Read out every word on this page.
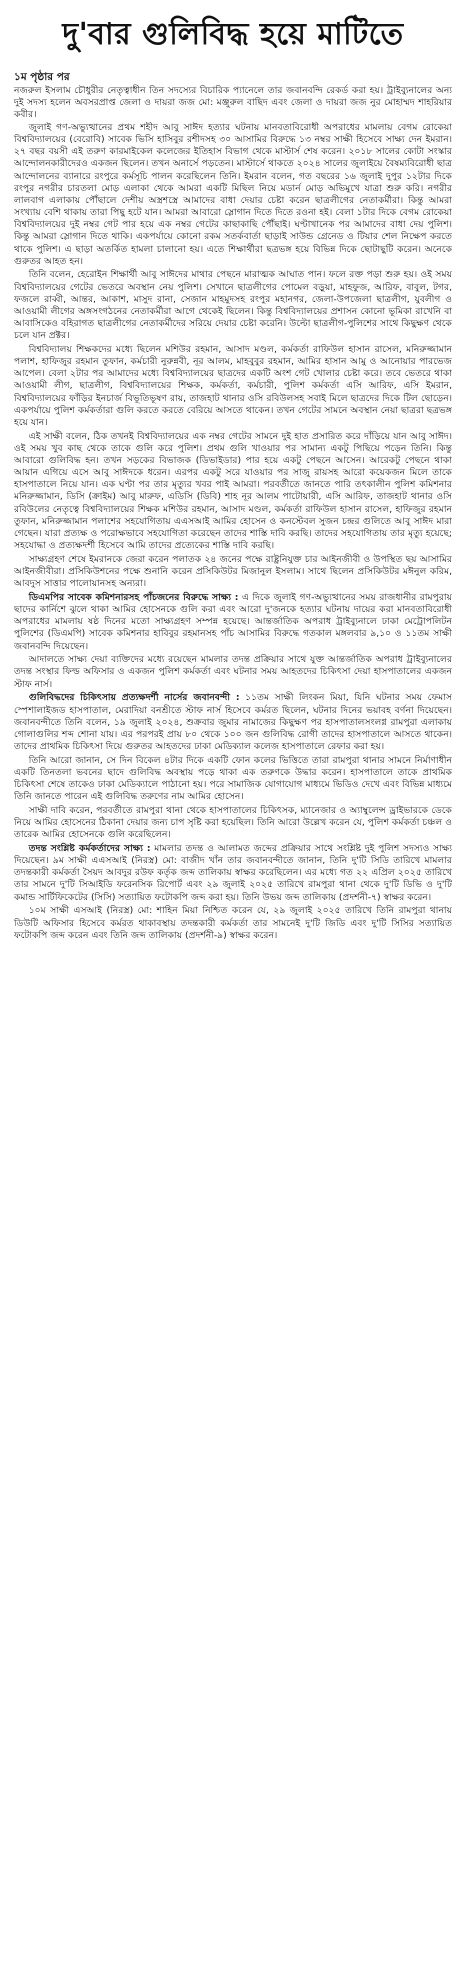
দু'বার গুলিবিদ্ধ হয়ে মাটিতে
১ম পৃষ্ঠার পর
নজরুল ইসলাম চৌধুরীর নেতৃত্বাধীন তিন সদস্যের বিচারিক প্যানেলে তার জবানবন্দি রেকর্ড করা হয়। ট্রাইব্যুনালের অন্য দুই সদস্য হলেন অবসরপ্রাপ্ত জেলা ও দায়রা জজ মো: মঞ্জুরুল বাছিদ এবং জেলা ও দায়রা জজ নুর মোহাম্মদ শাহরিয়ার কবীর।

জুলাই গণ-অভ্যুত্থানের প্রথম শহীদ আবু সাঈদ হত্যার ঘটনায় মানবতাবিরোধী অপরাধের মামলায় বেগম রোকেয়া বিশ্ববিদ্যালয়ের (বেরোবি) সাবেক ভিসি হাসিবুর রশীদসহ ৩০ আসামির বিরুদ্ধে ১৩ নম্বর সাক্ষী হিসেবে সাক্ষ্য দেন ইমরান। ২৭ বছর বয়সী এই তরুণ কারমাইকেল কলেজের ইতিহাস বিভাগ থেকে মাস্টার্স শেষ করেন। ২০১৮ সালের কোটা সংস্কার আন্দোলনকারীদেরও একজন ছিলেন। তখন অনার্সে পড়তেন। মাস্টার্সে থাকতে ২০২৪ সালের জুলাইয়ে বৈষম্যবিরোধী ছাত্র আন্দোলনের ব্যানারে রংপুরে কর্মসূচি পালন করেছিলেন তিনি। ইমরান বলেন, গত বছরের ১৬ জুলাই দুপুর ১২টার দিকে রংপুর নগরীর চারতলা মোড় এলাকা থেকে আমরা একটি মিছিল নিয়ে মডার্ন মোড় অভিমুখে যাত্রা শুরু করি। নগরীর লালবাগ এলাকায় পৌঁছালে দেশীয় অস্ত্রশস্ত্রে আমাদের বাধা দেয়ার চেষ্টা করেন ছাত্রলীগের নেতাকর্মীরা। কিন্তু আমরা সংখ্যায় বেশি থাকায় তারা পিছু হটে যান। আমরা আবারো স্লোগান দিতে দিতে রওনা হই। বেলা ১টার দিকে বেগম রোকেয়া বিশ্ববিদ্যালয়ের দুই নম্বর গেট পার হয়ে এক নম্বর গেটের কাছাকাছি পৌঁছাই। ঘণ্টাখানেক পর আমাদের বাধা দেয় পুলিশ। কিন্তু আমরা স্লোগান দিতে থাকি। একপর্যায়ে কোনো রকম সতর্কবার্তা ছাড়াই সাউন্ড গ্রেনেড ও টিয়ার শেল নিক্ষেপ করতে থাকে পুলিশ। এ ছাড়া অতর্কিত হামলা চালানো হয়। এতে শিক্ষার্থীরা ছত্রভঙ্গ হয়ে বিভিন্ন দিকে ছোটাছুটি করেন। অনেকে গুরুতর আহত হন।

তিনি বলেন, হেরোইন শিক্ষার্থী আবু সাঈদের মাথার পেছনে মারাত্মক আঘাত পান। ফলে রক্ত পড়া শুরু হয়। ওই সময় বিশ্ববিদ্যালয়ের গেটের ভেতরে অবস্থান নেয় পুলিশ। সেখানে ছাত্রলীগের পোমেল বড়ুয়া, মাহফুজ, আরিফ, বাবুল, টগর, ফজলে রাব্বী, আন্তর, আকাশ, মাসুদ রানা, সেজান মাহমুদসহ রংপুর মহানগর, জেলা-উপজেলা ছাত্রলীগ, যুবলীগ ও আওয়ামী লীগের অঙ্গসংগঠনের নেতাকর্মীরা আগে থেকেই ছিলেন। কিন্তু বিশ্ববিদ্যালয়ের প্রশাসন কোনো ভূমিকা রাখেনি বা আবাসিকেও বহিরাগত ছাত্রলীগের নেতাকর্মীদের সরিয়ে দেয়ার চেষ্টা করেনি। উল্টো ছাত্রলীগ-পুলিশের সাথে কিছুক্ষণ থেকে চলে যান প্রক্টর।

বিশ্ববিদ্যালয় শিক্ষকদের মধ্যে ছিলেন মশিউর রহমান, আসাদ মণ্ডল, কর্মকর্তা রাফিউল হাসান রাসেল, মনিরুজ্জামান পলাশ, হাফিজুর রহমান তুফান, কর্মচারী নুরুন্নবী, নূর আলম, মাহবুবুর রহমান, আমির হাসান আমু ও আনোয়ার পারভেজ আপেল। বেলা ২টার পর আমাদের মধ্যে বিশ্ববিদ্যালয়ের ছাত্রদের একটি অংশ গেট খোলার চেষ্টা করে। তবে ভেতরে থাকা আওয়ামী লীগ, ছাত্রলীগ, বিশ্ববিদ্যালয়ের শিক্ষক, কর্মকর্তা, কর্মচারী, পুলিশ কর্মকর্তা এসি আরিফ, এসি ইমরান, বিশ্ববিদ্যালয়ের ফাঁড়ির ইনচার্জ বিভূতিভূষণ রায়, তাজহাট থানার ওসি রবিউলসহ সবাই মিলে ছাত্রদের দিকে টিল ছোড়েন। একপর্যায়ে পুলিশ কর্মকর্তারা গুলি করতে করতে বেরিয়ে আসতে থাকেন। তখন গেটের সামনে অবস্থান নেয়া ছাত্ররা ছত্রভঙ্গ হয়ে যান।

এই সাক্ষী বলেন, ঠিক তখনই বিশ্ববিদ্যালয়ের এক নম্বর গেটের সামনে দুই হাত প্রসারিত করে দাঁড়িয়ে যান আবু সাঈদ। ওই সময় খুব কাছ থেকে তাকে গুলি করে পুলিশ। প্রথম গুলি খাওয়ার পর সামান্য একটু পিছিয়ে পড়েন তিনি। কিন্তু আবারো গুলিবিদ্ধ হন। তখন সড়কের বিভাজক (ডিভাইডার) পার হয়ে একটু পেছনে আসেন। আরেকটু পেছনে থাকা আয়ান এগিয়ে এসে আবু সাঈদকে ধরেন। এরপর একটু সরে যাওয়ার পর সাজু রায়সহ আরো কয়েকজন মিলে তাকে হাসপাতালে নিয়ে যান। এক ঘণ্টা পর তার মৃত্যুর খবর পাই আমরা। পরবর্তীতে জানতে পারি তৎকালীন পুলিশ কমিশনার মনিরুজ্জামান, ডিসি (ক্রাইম) আবু মারুফ, এডিসি (ডিবি) শাহ নূর আলম পাটোয়ারী, এসি আরিফ, তাজহাট থানার ওসি রবিউলের নেতৃত্বে বিশ্ববিদ্যালয়ের শিক্ষক মশিউর রহমান, আসাদ মণ্ডল, কর্মকর্তা রাফিউল হাসান রাসেল, হাফিজুর রহমান তুফান, মনিরুজ্জামান পলাশের সহযোগিতায় এএসআই আমির হোসেন ও কনস্টেবল সুজন চন্দ্রর গুলিতে আবু সাঈদ মারা গেছেন। যারা প্রত্যক্ষ ও পরোক্ষভাবে সহযোগিতা করেছেন তাদের শাস্তি দাবি করছি। তাদের সহযোগিতায় তার মৃত্যু হয়েছে; সহযোদ্ধা ও প্রত্যক্ষদর্শী হিসেবে আমি তাদের প্রত্যেকের শাস্তি দাবি করছি।

সাক্ষ্যগ্রহণ শেষে ইমরানকে জেরা করেন পলাতক ২৪ জনের পক্ষে রাষ্ট্রনিযুক্ত চার আইনজীবী ও উপস্থিত ছয় আসামির আইনজীবীরা। প্রসিকিউশনের পক্ষে শুনানি করেন প্রসিকিউটর মিজানুল ইসলাম। সাথে ছিলেন প্রসিকিউটর মঈনুল করিম, আবদুস সাত্তার পালোয়ানসহ অন্যরা।

ডিএমপির সাবেক কমিশনারসহ পাঁচজনের বিরুদ্ধে সাক্ষ্য : এ দিকে জুলাই গণ-অভ্যুত্থানের সময় রাজধানীর রামপুরায় ছাদের কার্নিশে ঝুলে থাকা আমির হোসেনকে গুলি করা এবং আরো দু'জনকে হত্যার ঘটনায় দায়ের করা মানবতাবিরোধী অপরাধের মামলায় ষষ্ঠ দিনের মতো সাক্ষ্যগ্রহণ সম্পন্ন হয়েছে। আন্তর্জাতিক অপরাধ ট্রাইব্যুনালে ঢাকা মেট্রোপলিটন পুলিশের (ডিএমপি) সাবেক কমিশনার হাবিবুর রহমানসহ পাঁচ আসামির বিরুদ্ধে গতকাল মঙ্গলবার ৯,১০ ও ১১তম সাক্ষী জবানবন্দি দিয়েছেন।

আদালতে সাক্ষ্য দেয়া ব্যক্তিদের মধ্যে রয়েছেন মামলার তদন্ত প্রক্রিয়ার সাথে যুক্ত আন্তর্জাতিক অপরাধ ট্রাইব্যুনালের তদন্ত সংস্থার ফিল্ড অফিসার ও একজন পুলিশ কর্মকর্তা এবং ঘটনার সময় আহতদের চিকিৎসা দেয়া হাসপাতালের একজন স্টাফ নার্স।

গুলিবিদ্ধদের চিকিৎসায় প্রত্যক্ষদর্শী নার্সের জবানবন্দী : ১১তম সাক্ষী লিংকন মিয়া, যিনি ঘটনার সময় ফেমাস স্পেশালাইজড হাসপাতাল, মেরাদিয়া বনশ্রীতে স্টাফ নার্স হিসেবে কর্মরত ছিলেন, ঘটনার দিনের ভয়াবহ বর্ণনা দিয়েছেন। জবানবন্দীতে তিনি বলেন, ১৯ জুলাই ২০২৪, শুক্রবার জুমার নামাজের কিছুক্ষণ পর হাসপাতালসংলগ্ন রামপুরা এলাকায় গোলাগুলির শব্দ শোনা যায়। এর পরপরই প্রায় ৮০ থেকে ১০০ জন গুলিবিদ্ধ রোগী তাদের হাসপাতালে আসতে থাকেন। তাদের প্রাথমিক চিকিৎসা দিয়ে গুরুতর আহতদের ঢাকা মেডিক্যাল কলেজ হাসপাতালে রেফার করা হয়।

তিনি আরো জানান, সে দিন বিকেল ৪টার দিকে একটি ফোন কলের ভিত্তিতে তারা রামপুরা থানার সামনে নির্মাণাধীন একটি তিনতলা ভবনের ছাদে গুলিবিদ্ধ অবস্থায় পড়ে থাকা এক তরুণকে উদ্ধার করেন। হাসপাতালে তাকে প্রাথমিক চিকিৎসা শেষে তাকেও ঢাকা মেডিক্যালে পাঠানো হয়। পরে সামাজিক যোগাযোগ মাধ্যমে ভিডিও দেখে এবং বিভিন্ন মাধ্যমে তিনি জানতে পারেন এই গুলিবিদ্ধ তরুণের নাম আমির হোসেন।

সাক্ষী দাবি করেন, পরবর্তীতে রামপুরা থানা থেকে হাসপাতালের চিকিৎসক, ম্যানেজার ও অ্যাম্বুলেন্স ড্রাইভারকে ডেকে নিয়ে আমির হোসেনের ঠিকানা দেয়ার জন্য চাপ সৃষ্টি করা হয়েছিল। তিনি আরো উল্লেখ করেন যে, পুলিশ কর্মকর্তা চঞ্চল ও তারেক আমির হোসেনকে গুলি করেছিলেন।

তদন্ত সংশ্লিষ্ট কর্মকর্তাদের সাক্ষ্য : মামলার তদন্ত ও আলামত জব্দের প্রক্রিয়ার সাথে সংশ্লিষ্ট দুই পুলিশ সদস্যও সাক্ষ্য দিয়েছেন। ৯ম সাক্ষী এএসআই (নিরস্ত্র) মো: বাজীদ খাঁন তার জবানবন্দীতে জানান, তিনি দু'টি সিডি তারিখে মামলার তদন্তকারী কর্মকর্তা সৈয়দ আবদুর রউফ কর্তৃক জব্দ তালিকায় স্বাক্ষর করেছিলেন। এর মধ্যে গত ২২ এপ্রিল ২০২৫ তারিখে তার সামনে দু'টি সিআইডি ফরেনসিক রিপোর্ট এবং ২৯ জুলাই ২০২৫ তারিখে রামপুরা থানা থেকে দু'টি ডিভি ও দু'টি কমান্ড সার্টিফিকেটের (সিসি) সত্যায়িত ফটোকপি জব্দ করা হয়। তিনি উভয় জব্দ তালিকায় (প্রদর্শনী-৭) স্বাক্ষর করেন।

১০ম সাক্ষী এসআই (নিরস্ত্র) মো: শাহিন মিয়া নিশ্চিত করেন যে, ২৯ জুলাই ২০২৫ তারিখে তিনি রামপুরা থানায় ডিউটি অফিসার হিসেবে কর্মরত থাকাবস্থায় তদন্তকারী কর্মকর্তা তার সামনেই দু'টি জিডি এবং দু'টি সিসির সত্যায়িত ফটোকপি জব্দ করেন এবং তিনি জব্দ তালিকায় (প্রদর্শনী-৯) স্বাক্ষর করেন।
